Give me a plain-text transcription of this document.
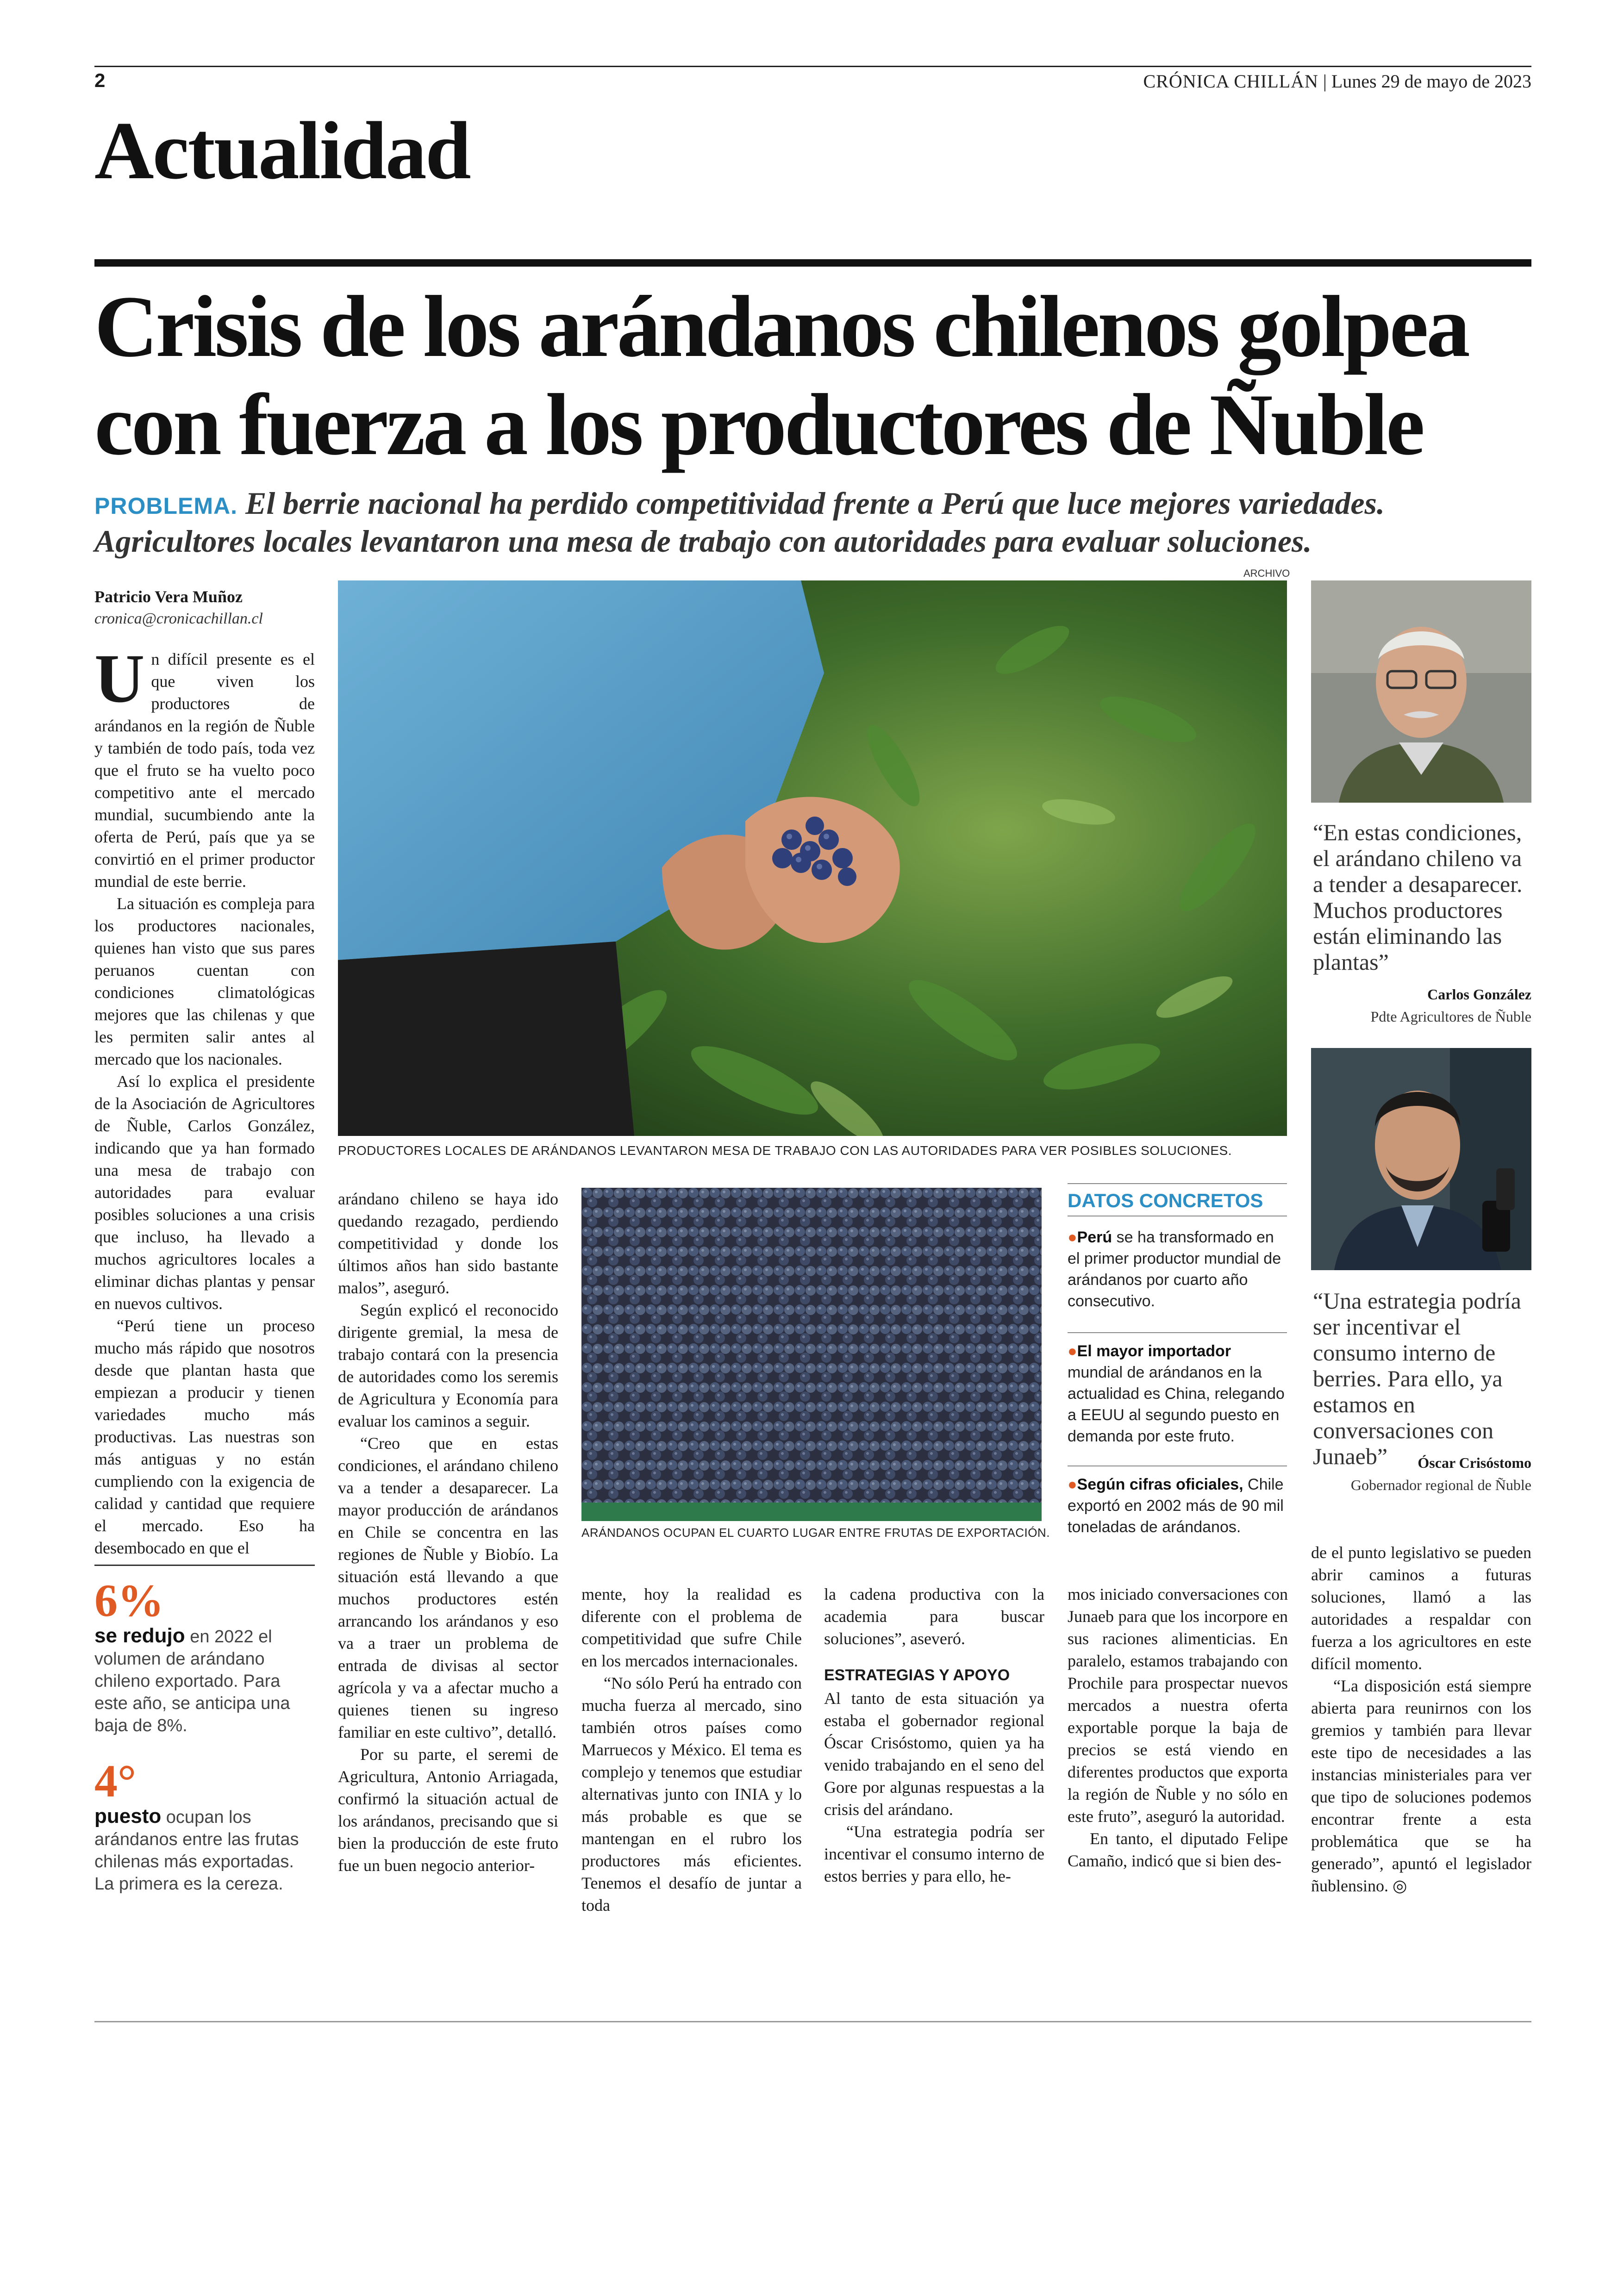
2	CRÓNICA CHILLÁN | Lunes 29 de mayo de 2023
Actualidad
Crisis de los arándanos chilenos golpea
con fuerza a los productores de Ñuble
PROBLEMA. El berrie nacional ha perdido competitividad frente a Perú que luce mejores variedades. Agricultores locales levantaron una mesa de trabajo con autoridades para evaluar soluciones.
Patricio Vera Muñoz
cronica@cronicachillan.cl

Un difícil presente es el que viven los productores de arándanos en la región de Ñuble y también de todo país, toda vez que el fruto se ha vuelto poco competitivo ante el mercado mundial, sucumbiendo ante la oferta de Perú, país que ya se convirtió en el primer productor mundial de este berrie.

La situación es compleja para los productores nacionales, quienes han visto que sus pares peruanos cuentan con condiciones climatológicas mejores que las chilenas y que les permiten salir antes al mercado que los nacionales.

Así lo explica el presidente de la Asociación de Agricultores de Ñuble, Carlos González, indicando que ya han formado una mesa de trabajo con autoridades para evaluar posibles soluciones a una crisis que incluso, ha llevado a muchos agricultores locales a eliminar dichas plantas y pensar en nuevos cultivos.

“Perú tiene un proceso mucho más rápido que nosotros desde que plantan hasta que empiezan a producir y tienen variedades mucho más productivas. Las nuestras son más antiguas y no están cumpliendo con la exigencia de calidad y cantidad que requiere el mercado. Eso ha desembocado en que el

6%
se redujo en 2022 el volumen de arándano chileno exportado. Para este año, se anticipa una baja de 8%.
4°
puesto ocupan los arándanos entre las frutas chilenas más exportadas. La primera es la cereza.
ARCHIVO
PRODUCTORES LOCALES DE ARÁNDANOS LEVANTARON MESA DE TRABAJO CON LAS AUTORIDADES PARA VER POSIBLES SOLUCIONES.

arándano chileno se haya ido quedando rezagado, perdiendo competitividad y donde los últimos años han sido bastante malos”, aseguró.

Según explicó el reconocido dirigente gremial, la mesa de trabajo contará con la presencia de autoridades como los seremis de Agricultura y Economía para evaluar los caminos a seguir.

“Creo que en estas condiciones, el arándano chileno va a tender a desaparecer. La mayor producción de arándanos en Chile se concentra en las regiones de Ñuble y Biobío. La situación está llevando a que muchos productores estén arrancando los arándanos y eso va a traer un problema de entrada de divisas al sector agrícola y va a afectar mucho a quienes tienen su ingreso familiar en este cultivo”, detalló.

Por su parte, el seremi de Agricultura, Antonio Arriagada, confirmó la situación actual de los arándanos, precisando que si bien la producción de este fruto fue un buen negocio anterior-

ARÁNDANOS OCUPAN EL CUARTO LUGAR ENTRE FRUTAS DE EXPORTACIÓN.
DATOS CONCRETOS
●Perú se ha transformado en el primer productor mundial de arándanos por cuarto año consecutivo.
●El mayor importador mundial de arándanos en la actualidad es China, relegando a EEUU al segundo puesto en demanda por este fruto.
●Según cifras oficiales, Chile exportó en 2002 más de 90 mil toneladas de arándanos.

mente, hoy la realidad es diferente con el problema de competitividad que sufre Chile en los mercados internacionales.

“No sólo Perú ha entrado con mucha fuerza al mercado, sino también otros países como Marruecos y México. El tema es complejo y tenemos que estudiar alternativas junto con INIA y lo más probable es que se mantengan en el rubro los productores más eficientes. Tenemos el desafío de juntar a toda

la cadena productiva con la academia para buscar soluciones”, aseveró.

ESTRATEGIAS Y APOYO

Al tanto de esta situación ya estaba el gobernador regional Óscar Crisóstomo, quien ya ha venido trabajando en el seno del Gore por algunas respuestas a la crisis del arándano.

“Una estrategia podría ser incentivar el consumo interno de estos berries y para ello, he-

mos iniciado conversaciones con Junaeb para que los incorpore en sus raciones alimenticias. En paralelo, estamos trabajando con Prochile para prospectar nuevos mercados a nuestra oferta exportable porque la baja de precios se está viendo en diferentes productos que exporta la región de Ñuble y no sólo en este fruto”, aseguró la autoridad.

En tanto, el diputado Felipe Camaño, indicó que si bien des-

“En estas condiciones, el arándano chileno va a tender a desaparecer. Muchos productores están eliminando las plantas”
Carlos González
Pdte Agricultores de Ñuble
“Una estrategia podría ser incentivar el consumo interno de berries. Para ello, ya estamos en conversaciones con Junaeb”	Óscar Crisóstomo
Gobernador regional de Ñuble

de el punto legislativo se pueden abrir caminos a futuras soluciones, llamó a las autoridades a respaldar con fuerza a los agricultores en este difícil momento.

“La disposición está siempre abierta para reunirnos con los gremios y también para llevar este tipo de necesidades a las instancias ministeriales para ver que tipo de soluciones podemos encontrar frente a esta problemática que se ha generado”, apuntó el legislador ñublensino. ◎
